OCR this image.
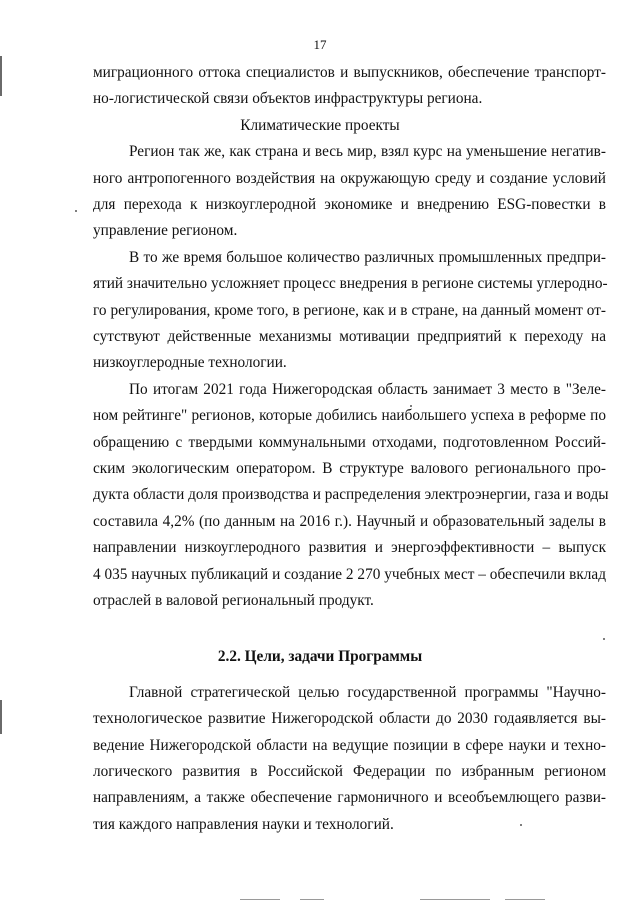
17
миграционного оттока специалистов и выпускников, обеспечение транспорт-
но-логистической связи объектов инфраструктуры региона.
Климатические проекты
Регион так же, как страна и весь мир, взял курс на уменьшение негатив-
ного антропогенного воздействия на окружающую среду и создание условий
для перехода к низкоуглеродной экономике и внедрению ESG-повестки в
управление регионом.
В то же время большое количество различных промышленных предпри-
ятий значительно усложняет процесс внедрения в регионе системы углеродно-
го регулирования, кроме того, в регионе, как и в стране, на данный момент от-
сутствуют действенные механизмы мотивации предприятий к переходу на
низкоуглеродные технологии.
По итогам 2021 года Нижегородская область занимает 3 место в "Зеле-
ном рейтинге" регионов, которые добились наибольшего успеха в реформе по
обращению с твердыми коммунальными отходами, подготовленном Россий-
ским экологическим оператором. В структуре валового регионального про-
дукта области доля производства и распределения электроэнергии, газа и воды
составила 4,2% (по данным на 2016 г.). Научный и образовательный заделы в
направлении низкоуглеродного развития и энергоэффективности – выпуск
4 035 научных публикаций и создание 2 270 учебных мест – обеспечили вклад
отраслей в валовой региональный продукт.
2.2. Цели, задачи Программы
Главной стратегической целью государственной программы "Научно-
технологическое развитие Нижегородской области до 2030 годаявляется вы-
ведение Нижегородской области на ведущие позиции в сфере науки и техно-
логического развития в Российской Федерации по избранным регионом
направлениям, а также обеспечение гармоничного и всеобъемлющего разви-
тия каждого направления науки и технологий.
